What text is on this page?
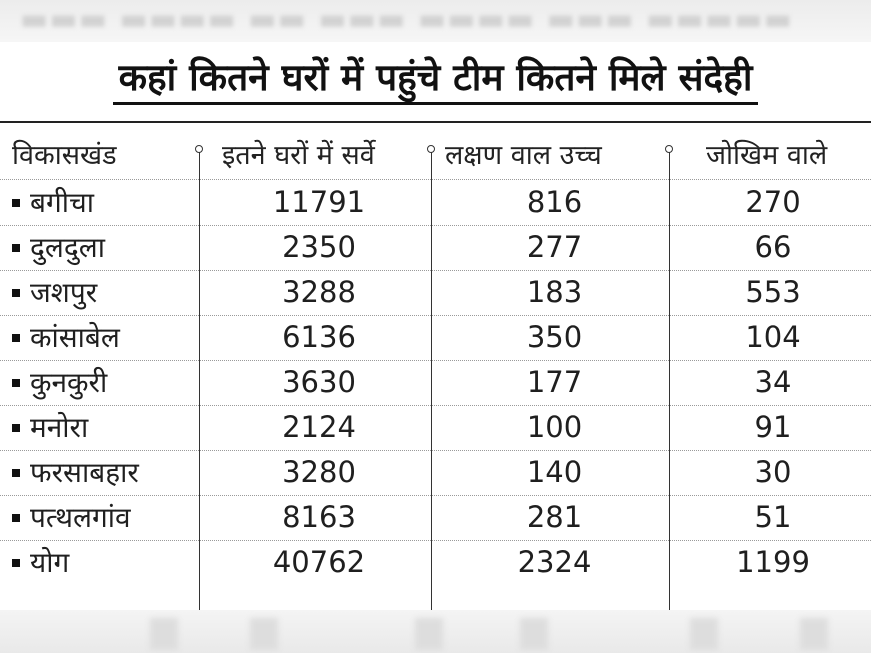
▬▬▬ ▬▬▬▬ ▬▬ ▬▬▬ ▬▬▬▬ ▬▬▬ ▬▬▬▬▬
कहां कितने घरों में पहुंचे टीम कितने मिले संदेही
विकासखंड	इतने घरों में सर्वे	लक्षण वाल उच्च	जोखिम वाले
बगीचा	11791	816	270
दुलदुला	2350	277	66
जशपुर	3288	183	553
कांसाबेल	6136	350	104
कुनकुरी	3630	177	34
मनोरा	2124	100	91
फरसाबहार	3280	140	30
पत्थलगांव	8163	281	51
योग	40762	2324	1199
